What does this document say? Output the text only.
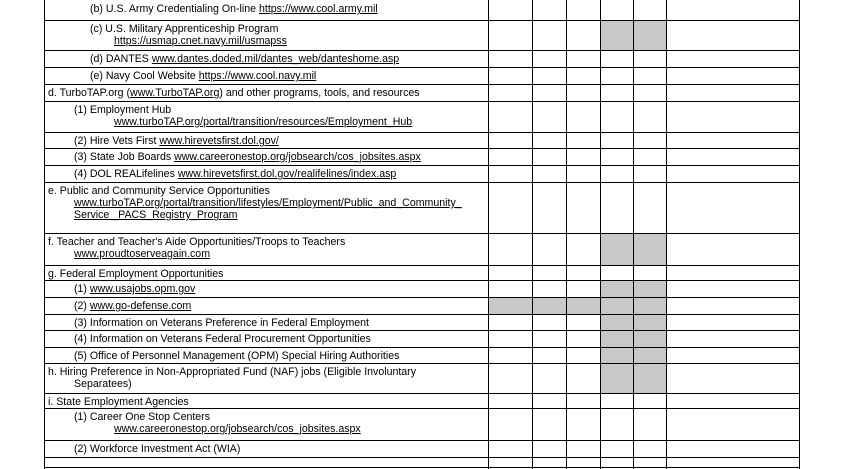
(b) U.S. Army Credentialing On-line https://www.cool.army.mil
(c) U.S. Military Apprenticeship Program
https://usmap.cnet.navy.mil/usmapss
(d) DANTES www.dantes.doded.mil/dantes_web/danteshome.asp
(e) Navy Cool Website https://www.cool.navy.mil
d. TurboTAP.org (www.TurboTAP.org) and other programs, tools, and resources
(1) Employment Hub
www.turboTAP.org/portal/transition/resources/Employment_Hub
(2) Hire Vets First www.hirevetsfirst.dol.gov/
(3) State Job Boards www.careeronestop.org/jobsearch/cos_jobsites.aspx
(4) DOL REALifelines www.hirevetsfirst.dol.gov/realifelines/index.asp
e. Public and Community Service Opportunities
www.turboTAP.org/portal/transition/lifestyles/Employment/Public_and_Community_
Service _PACS_Registry_Program
f. Teacher and Teacher's Aide Opportunities/Troops to Teachers
www.proudtoserveagain.com
g. Federal Employment Opportunities
(1) www.usajobs.opm.gov
(2) www.go-defense.com
(3) Information on Veterans Preference in Federal Employment
(4) Information on Veterans Federal Procurement Opportunities
(5) Office of Personnel Management (OPM) Special Hiring Authorities
h. Hiring Preference in Non-Appropriated Fund (NAF) jobs (Eligible Involuntary
Separatees)
i. State Employment Agencies
(1) Career One Stop Centers
www.careeronestop.org/jobsearch/cos_jobsites.aspx
(2) Workforce Investment Act (WIA)
